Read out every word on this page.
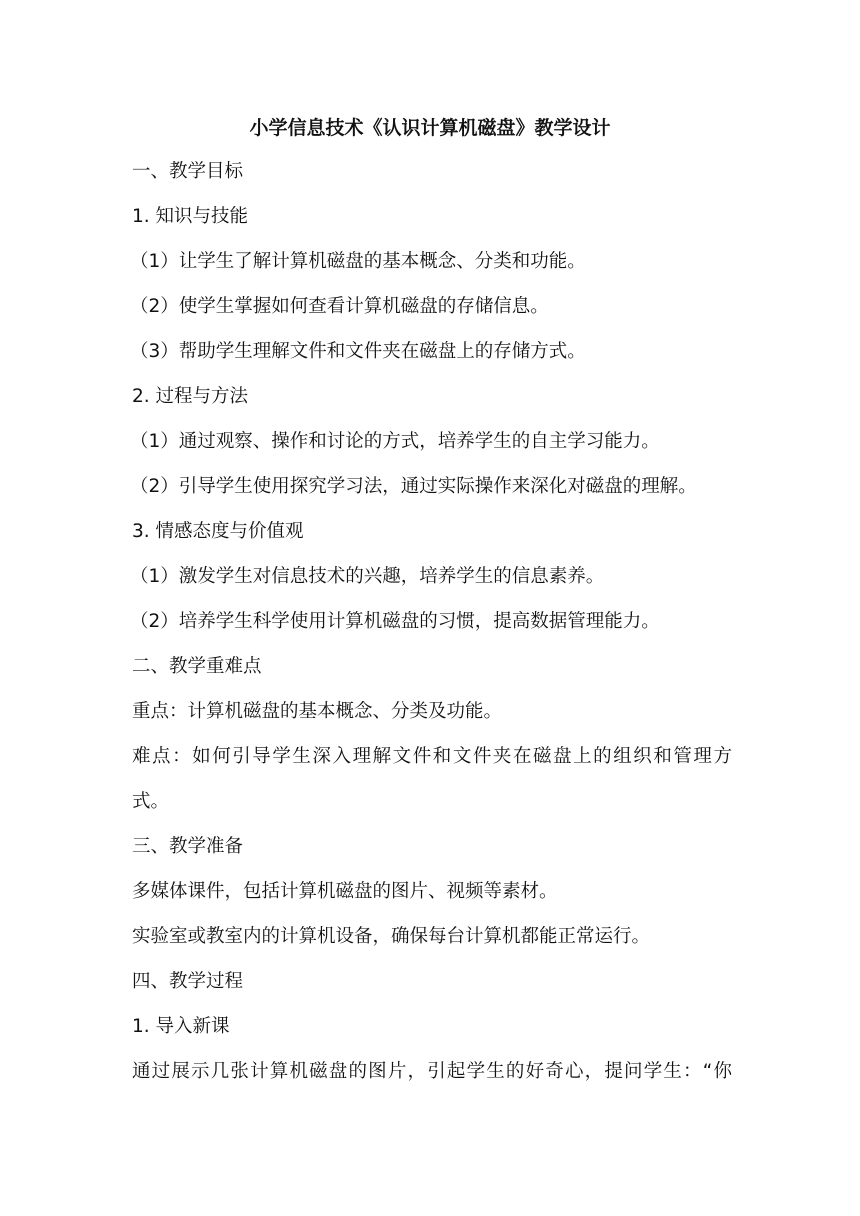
小学信息技术《认识计算机磁盘》教学设计
一、教学目标
1. 知识与技能
（1）让学生了解计算机磁盘的基本概念、分类和功能。
（2）使学生掌握如何查看计算机磁盘的存储信息。
（3）帮助学生理解文件和文件夹在磁盘上的存储方式。
2. 过程与方法
（1）通过观察、操作和讨论的方式，培养学生的自主学习能力。
（2）引导学生使用探究学习法，通过实际操作来深化对磁盘的理解。
3. 情感态度与价值观
（1）激发学生对信息技术的兴趣，培养学生的信息素养。
（2）培养学生科学使用计算机磁盘的习惯，提高数据管理能力。
二、教学重难点
重点：计算机磁盘的基本概念、分类及功能。
难点：如何引导学生深入理解文件和文件夹在磁盘上的组织和管理方
式。
三、教学准备
多媒体课件，包括计算机磁盘的图片、视频等素材。
实验室或教室内的计算机设备，确保每台计算机都能正常运行。
四、教学过程
1. 导入新课
通过展示几张计算机磁盘的图片，引起学生的好奇心，提问学生：“你
